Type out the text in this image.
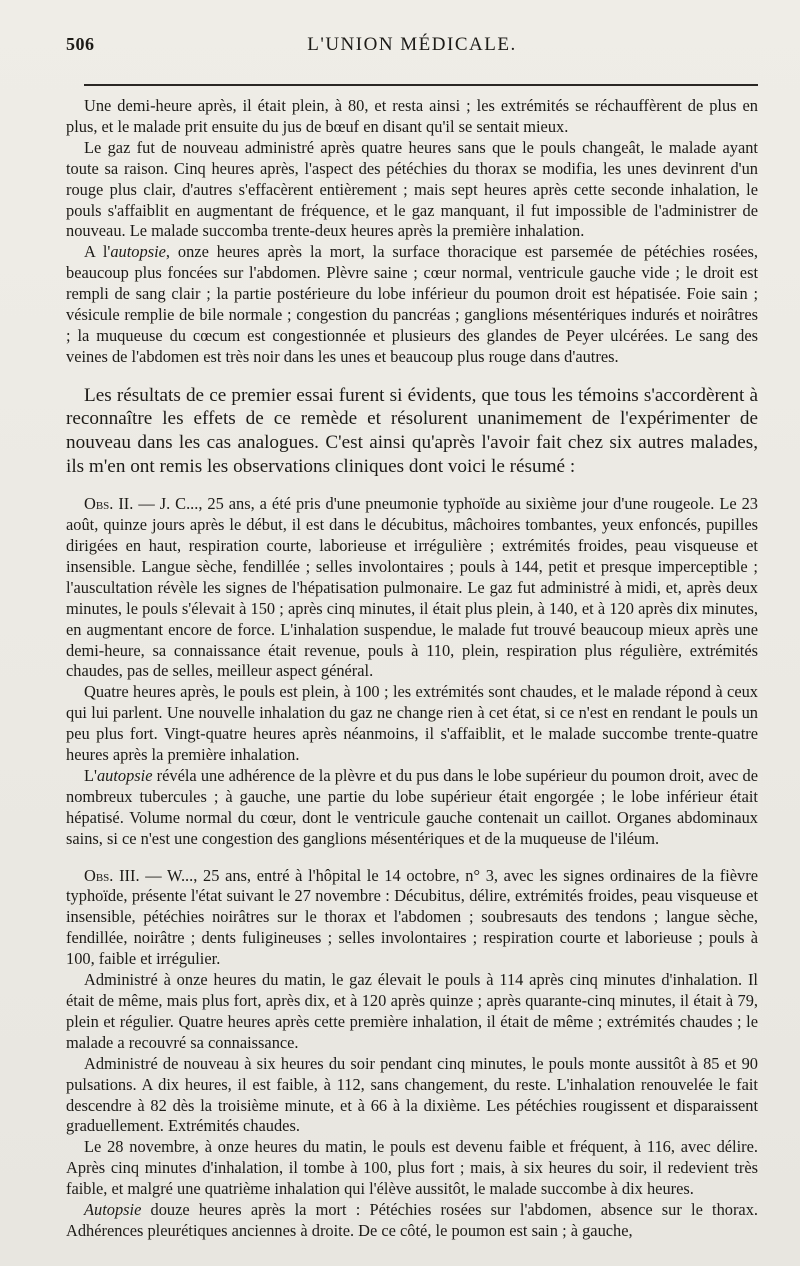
506	L'UNION MÉDICALE.

Une demi-heure après, il était plein, à 80, et resta ainsi ; les extrémités se réchauffèrent de plus en plus, et le malade prit ensuite du jus de bœuf en disant qu'il se sentait mieux.

Le gaz fut de nouveau administré après quatre heures sans que le pouls changeât, le malade ayant toute sa raison. Cinq heures après, l'aspect des pétéchies du thorax se modifia, les unes devinrent d'un rouge plus clair, d'autres s'effacèrent entièrement ; mais sept heures après cette seconde inhalation, le pouls s'affaiblit en augmentant de fréquence, et le gaz manquant, il fut impossible de l'administrer de nouveau. Le malade succomba trente-deux heures après la première inhalation.

A l'autopsie, onze heures après la mort, la surface thoracique est parsemée de pétéchies rosées, beaucoup plus foncées sur l'abdomen. Plèvre saine ; cœur normal, ventricule gauche vide ; le droit est rempli de sang clair ; la partie postérieure du lobe inférieur du poumon droit est hépatisée. Foie sain ; vésicule remplie de bile normale ; congestion du pancréas ; ganglions mésentériques indurés et noirâtres ; la muqueuse du cœcum est congestionnée et plusieurs des glandes de Peyer ulcérées. Le sang des veines de l'abdomen est très noir dans les unes et beaucoup plus rouge dans d'autres.

Les résultats de ce premier essai furent si évidents, que tous les témoins s'accordèrent à reconnaître les effets de ce remède et résolurent unanimement de l'expérimenter de nouveau dans les cas analogues. C'est ainsi qu'après l'avoir fait chez six autres malades, ils m'en ont remis les observations cliniques dont voici le résumé :

Obs. II. — J. C..., 25 ans, a été pris d'une pneumonie typhoïde au sixième jour d'une rougeole. Le 23 août, quinze jours après le début, il est dans le décubitus, mâchoires tombantes, yeux enfoncés, pupilles dirigées en haut, respiration courte, laborieuse et irrégulière ; extrémités froides, peau visqueuse et insensible. Langue sèche, fendillée ; selles involontaires ; pouls à 144, petit et presque imperceptible ; l'auscultation révèle les signes de l'hépatisation pulmonaire. Le gaz fut administré à midi, et, après deux minutes, le pouls s'élevait à 150 ; après cinq minutes, il était plus plein, à 140, et à 120 après dix minutes, en augmentant encore de force. L'inhalation suspendue, le malade fut trouvé beaucoup mieux après une demi-heure, sa connaissance était revenue, pouls à 110, plein, respiration plus régulière, extrémités chaudes, pas de selles, meilleur aspect général.

Quatre heures après, le pouls est plein, à 100 ; les extrémités sont chaudes, et le malade répond à ceux qui lui parlent. Une nouvelle inhalation du gaz ne change rien à cet état, si ce n'est en rendant le pouls un peu plus fort. Vingt-quatre heures après néanmoins, il s'affaiblit, et le malade succombe trente-quatre heures après la première inhalation.

L'autopsie révéla une adhérence de la plèvre et du pus dans le lobe supérieur du poumon droit, avec de nombreux tubercules ; à gauche, une partie du lobe supérieur était engorgée ; le lobe inférieur était hépatisé. Volume normal du cœur, dont le ventricule gauche contenait un caillot. Organes abdominaux sains, si ce n'est une congestion des ganglions mésentériques et de la muqueuse de l'iléum.

Obs. III. — W..., 25 ans, entré à l'hôpital le 14 octobre, n° 3, avec les signes ordinaires de la fièvre typhoïde, présente l'état suivant le 27 novembre : Décubitus, délire, extrémités froides, peau visqueuse et insensible, pétéchies noirâtres sur le thorax et l'abdomen ; soubresauts des tendons ; langue sèche, fendillée, noirâtre ; dents fuligineuses ; selles involontaires ; respiration courte et laborieuse ; pouls à 100, faible et irrégulier.

Administré à onze heures du matin, le gaz élevait le pouls à 114 après cinq minutes d'inhalation. Il était de même, mais plus fort, après dix, et à 120 après quinze ; après quarante-cinq minutes, il était à 79, plein et régulier. Quatre heures après cette première inhalation, il était de même ; extrémités chaudes ; le malade a recouvré sa connaissance.

Administré de nouveau à six heures du soir pendant cinq minutes, le pouls monte aussitôt à 85 et 90 pulsations. A dix heures, il est faible, à 112, sans changement, du reste. L'inhalation renouvelée le fait descendre à 82 dès la troisième minute, et à 66 à la dixième. Les pétéchies rougissent et disparaissent graduellement. Extrémités chaudes.

Le 28 novembre, à onze heures du matin, le pouls est devenu faible et fréquent, à 116, avec délire. Après cinq minutes d'inhalation, il tombe à 100, plus fort ; mais, à six heures du soir, il redevient très faible, et malgré une quatrième inhalation qui l'élève aussitôt, le malade succombe à dix heures.

Autopsie douze heures après la mort : Pétéchies rosées sur l'abdomen, absence sur le thorax. Adhérences pleurétiques anciennes à droite. De ce côté, le poumon est sain ; à gauche,
